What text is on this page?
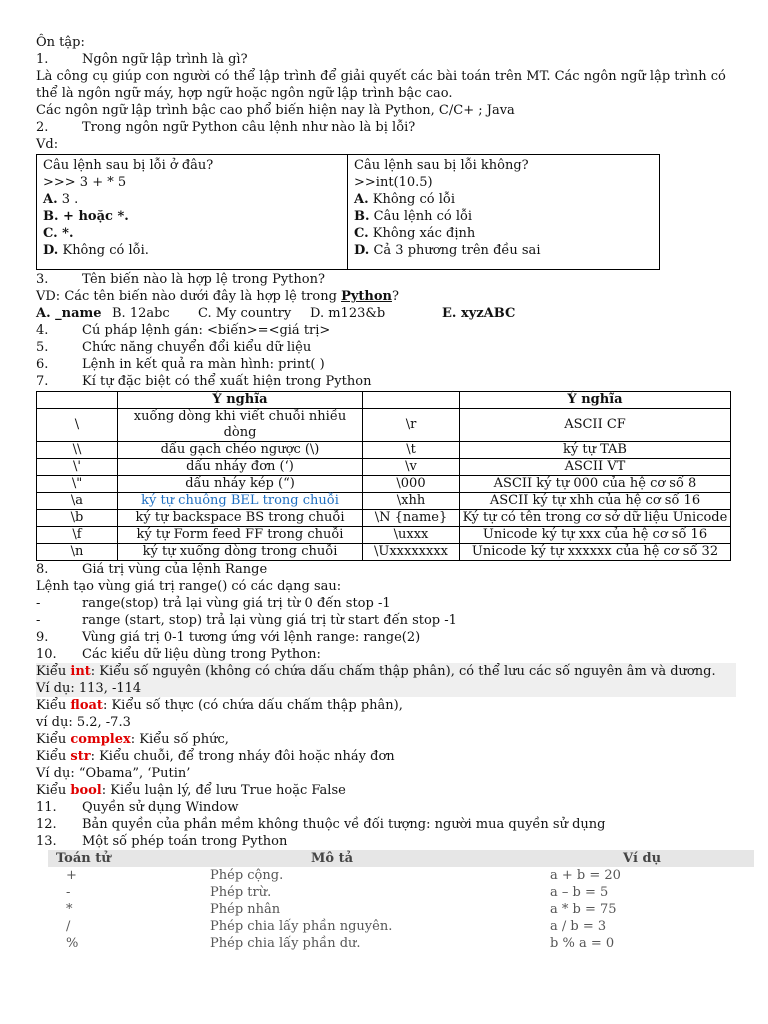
Ôn tập:
1.	Ngôn ngữ lập trình là gì?
Là công cụ giúp con người có thể lập trình để giải quyết các bài toán trên MT. Các ngôn ngữ lập trình có thể là ngôn ngữ máy, hợp ngữ hoặc ngôn ngữ lập trình bậc cao.
Các ngôn ngữ lập trình bậc cao phổ biến hiện nay là Python, C/C+ ; Java
2.	Trong ngôn ngữ Python câu lệnh như nào là bị lỗi?
Vd:
Câu lệnh sau bị lỗi ở đâu?
>>> 3 + * 5
A. 3 .
B. + hoặc *.
C. *.
D. Không có lỗi.

Câu lệnh sau bị lỗi không?
>>int(10.5)
A. Không có lỗi
B. Câu lệnh có lỗi
C. Không xác định
D. Cả 3 phương trên đều sai
3.	Tên biến nào là hợp lệ trong Python?
VD: Các tên biến nào dưới đây là hợp lệ trong Python?
A. _name B. 12abc C. My country D. m123&b	E. xyzABC
4.	Cú pháp lệnh gán: <biến>=<giá trị>
5.	Chức năng chuyển đổi kiểu dữ liệu
6.	Lệnh in kết quả ra màn hình: print( )
7.	Kí tự đặc biệt có thể xuất hiện trong Python
	Ý nghĩa		Ý nghĩa
\	xuống dòng khi viết chuỗi nhiều dòng	\r	ASCII CF
\\	dấu gạch chéo ngược (\)	\t	ký tự TAB
\'	dấu nháy đơn (‘)	\v	ASCII VT
\"	dấu nháy kép (“)	\000	ASCII ký tự 000 của hệ cơ số 8
\a	ký tự chuông BEL trong chuỗi	\xhh	ASCII ký tự xhh của hệ cơ số 16
\b	ký tự backspace BS trong chuỗi	\N {name}	Ký tự có tên trong cơ sở dữ liệu Unicode
\f	ký tự Form feed FF trong chuỗi	\uxxx	Unicode ký tự xxx của hệ cơ số 16
\n	ký tự xuống dòng trong chuỗi	\Uxxxxxxxx	Unicode ký tự xxxxxx của hệ cơ số 32
8.	Giá trị vùng của lệnh Range
Lệnh tạo vùng giá trị range() có các dạng sau:
-	range(stop) trả lại vùng giá trị từ 0 đến stop -1
-	range (start, stop) trả lại vùng giá trị từ start đến stop -1
9.	Vùng giá trị 0-1 tương ứng với lệnh range: range(2)
10. Các kiểu dữ liệu dùng trong Python:
Kiểu int: Kiểu số nguyên (không có chứa dấu chấm thập phân), có thể lưu các số nguyên âm và dương.
Ví dụ: 113, -114
Kiểu float: Kiểu số thực (có chứa dấu chấm thập phân),
ví dụ: 5.2, -7.3
Kiểu complex: Kiểu số phức,
Kiểu str: Kiểu chuỗi, để trong nháy đôi hoặc nháy đơn
Ví dụ: “Obama”, ‘Putin’
Kiểu bool: Kiểu luận lý, để lưu True hoặc False
11. Quyền sử dụng Window
12. Bản quyền của phần mềm không thuộc về đối tượng: người mua quyền sử dụng
13. Một số phép toán trong Python
Toán tử	Mô tả	Ví dụ
+	Phép cộng.	a + b = 20
-	Phép trừ.	a – b = 5
*	Phép nhân	a * b = 75
/	Phép chia lấy phần nguyên.	a / b = 3
%	Phép chia lấy phần dư.	b % a = 0
